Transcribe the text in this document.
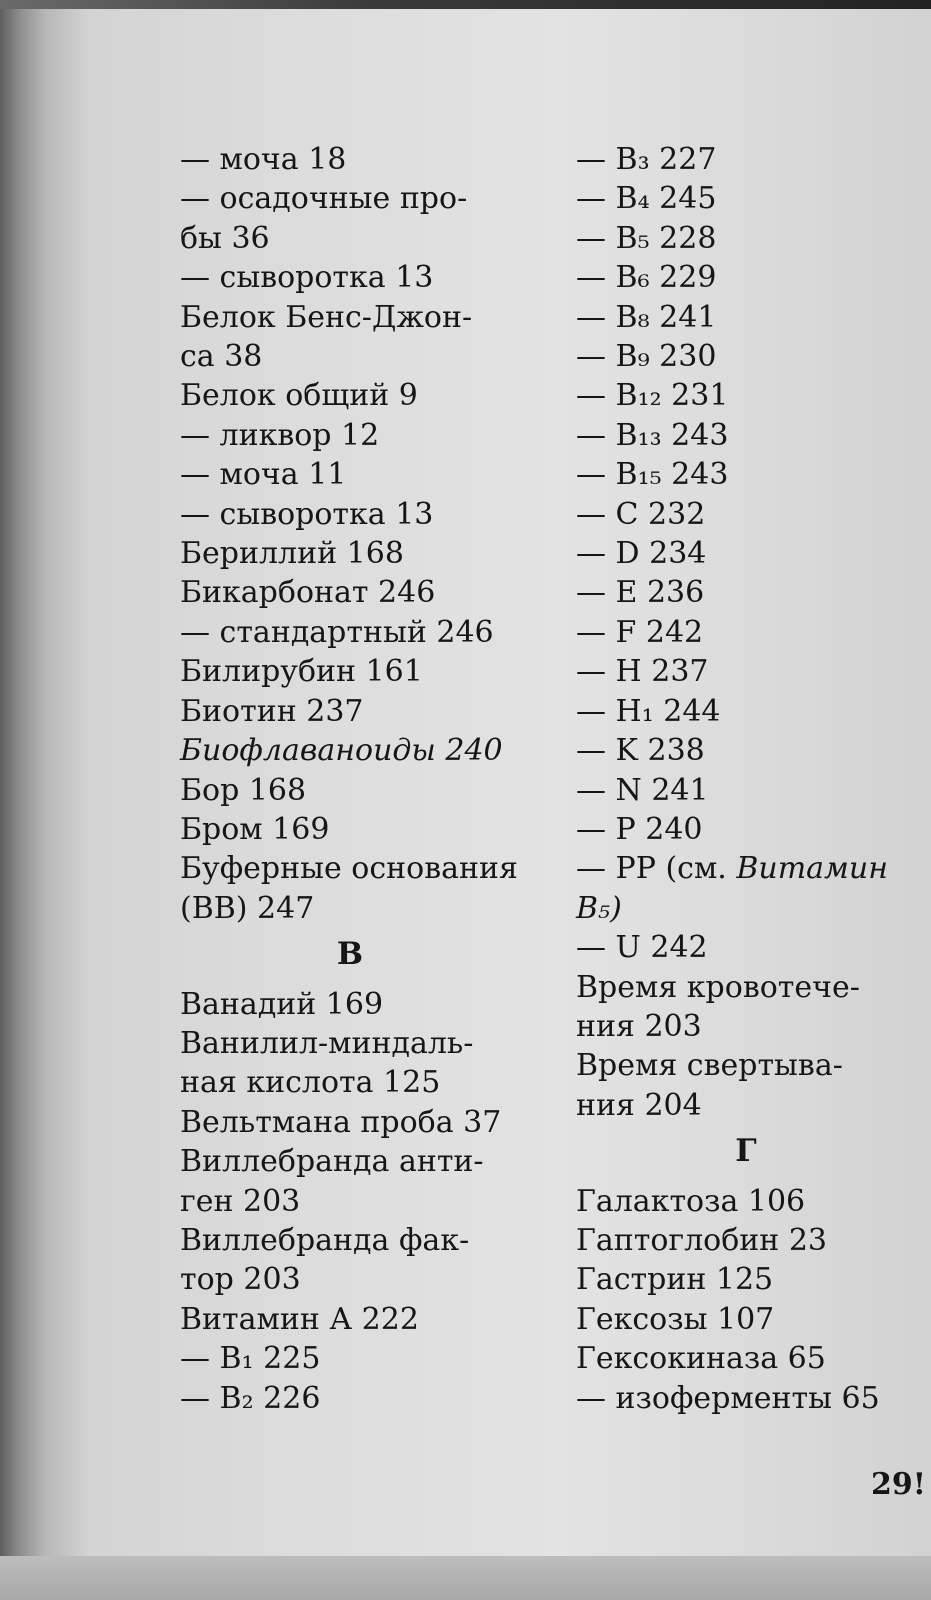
— моча 18
— осадочные про-
бы 36
— сыворотка 13
Белок Бенс-Джон-
са 38
Белок общий 9
— ликвор 12
— моча 11
— сыворотка 13
Бериллий 168
Бикарбонат 246
— стандартный 246
Билирубин 161
Биотин 237
Биофлаваноиды 240
Бор 168
Бром 169
Буферные основания
(ВВ) 247
В
Ванадий 169
Ванилил-миндаль-
ная кислота 125
Вельтмана проба 37
Виллебранда анти-
ген 203
Виллебранда фак-
тор 203
Витамин А 222
— B₁ 225
— B₂ 226
— B₃ 227
— B₄ 245
— B₅ 228
— B₆ 229
— B₈ 241
— B₉ 230
— B₁₂ 231
— B₁₃ 243
— B₁₅ 243
— C 232
— D 234
— E 236
— F 242
— H 237
— H₁ 244
— K 238
— N 241
— P 240
— PP (см. Витамин
B₅)
— U 242
Время кровотече-
ния 203
Время свертыва-
ния 204
Г
Галактоза 106
Гаптоглобин 23
Гастрин 125
Гексозы 107
Гексокиназа 65
— изоферменты 65
29!
